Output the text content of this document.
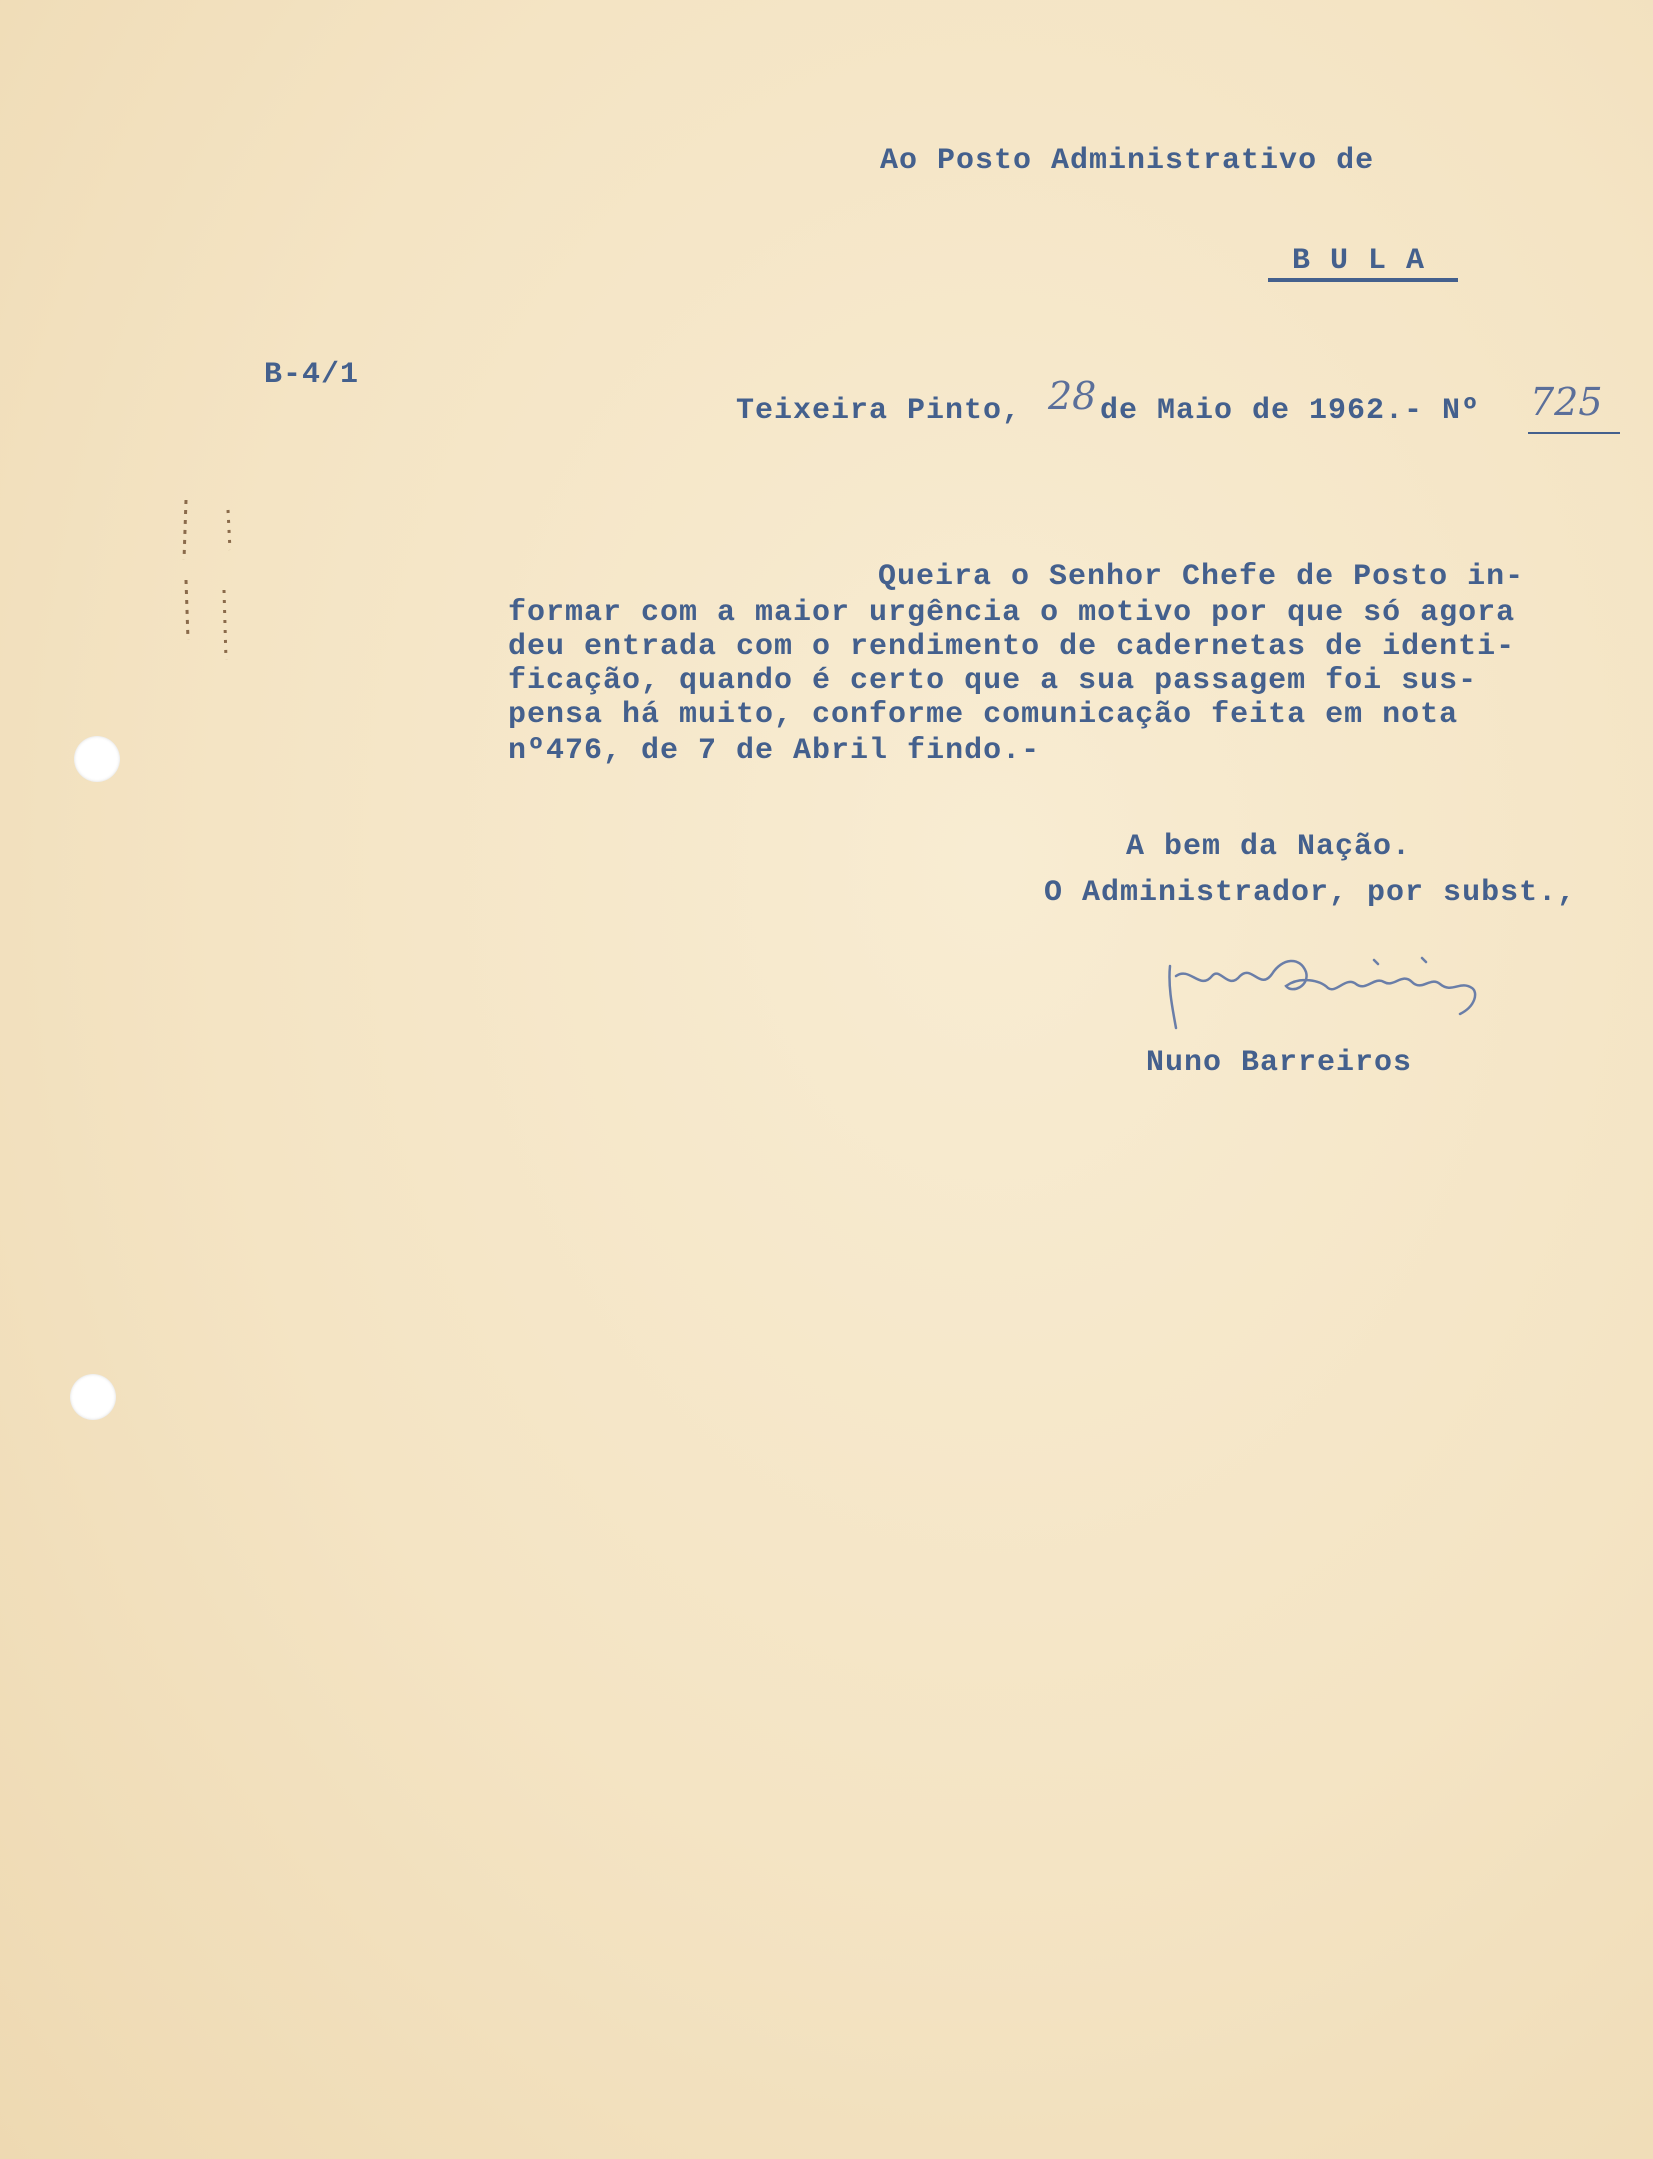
Ao Posto Administrativo de
B U L A
B-4/1
Teixeira Pinto, 28 de Maio de 1962.- Nº 725
Queira o Senhor Chefe de Posto in-
formar com a maior urgência o motivo por que só agora
deu entrada com o rendimento de cadernetas de identi-
ficação, quando é certo que a sua passagem foi sus-
pensa há muito, conforme comunicação feita em nota
nº476, de 7 de Abril findo.-
A bem da Nação.
O Administrador, por subst.,
Nuno Barreiros
